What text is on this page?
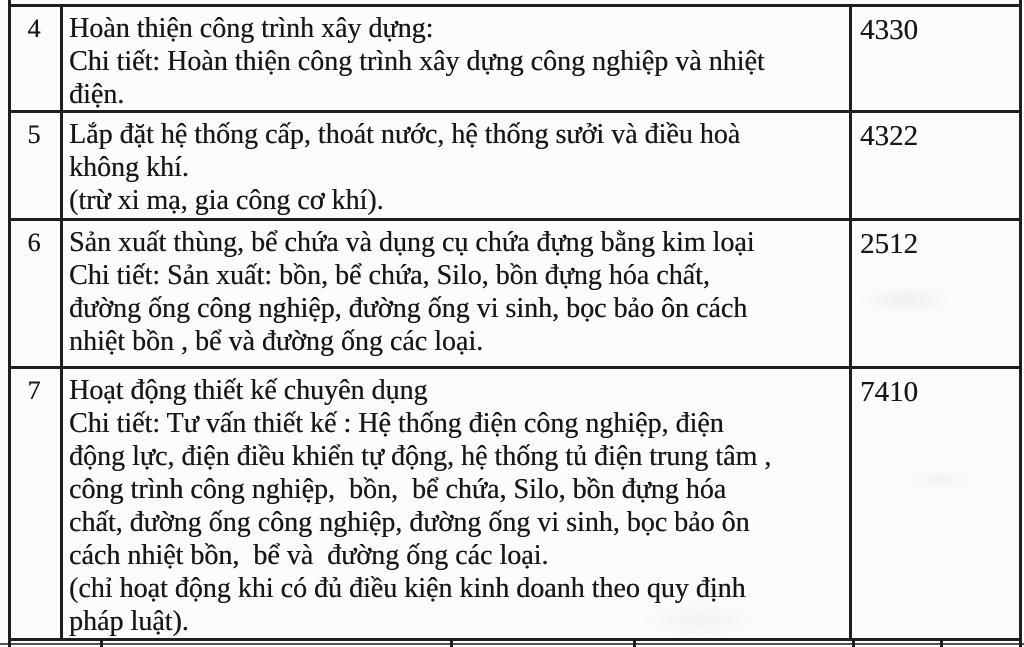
4	Hoàn thiện công trình xây dựng:
Chi tiết: Hoàn thiện công trình xây dựng công nghiệp và nhiệt
điện.
4330
5	Lắp đặt hệ thống cấp, thoát nước, hệ thống sưởi và điều hoà
không khí.
(trừ xi mạ, gia công cơ khí).
4322
6	Sản xuất thùng, bể chứa và dụng cụ chứa đựng bằng kim loại
Chi tiết: Sản xuất: bồn, bể chứa, Silo, bồn đựng hóa chất,
đường ống công nghiệp, đường ống vi sinh, bọc bảo ôn cách
nhiệt bồn , bể và đường ống các loại.
2512
7	Hoạt động thiết kế chuyên dụng
Chi tiết: Tư vấn thiết kế : Hệ thống điện công nghiệp, điện
động lực, điện điều khiển tự động, hệ thống tủ điện trung tâm ,
công trình công nghiệp,  bồn,  bể chứa, Silo, bồn đựng hóa
chất, đường ống công nghiệp, đường ống vi sinh, bọc bảo ôn
cách nhiệt bồn,  bể và  đường ống các loại.
(chỉ hoạt động khi có đủ điều kiện kinh doanh theo quy định
pháp luật).
7410
